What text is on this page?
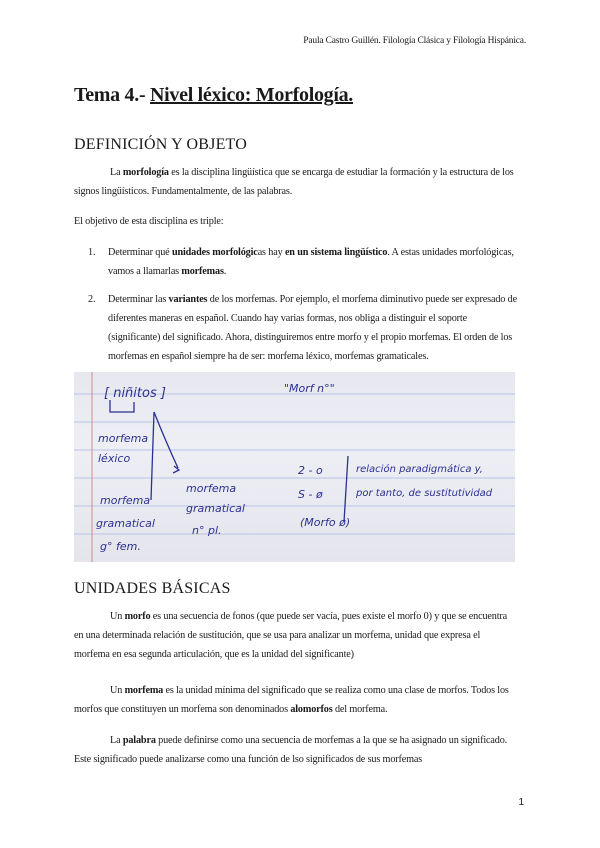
Paula Castro Guillén. Filología Clásica y Filología Hispánica.
Tema 4.- Nivel léxico: Morfología.
DEFINICIÓN Y OBJETO

La morfología es la disciplina lingüística que se encarga de estudiar la formación y la estructura de los signos lingüísticos. Fundamentalmente, de las palabras.

El objetivo de esta disciplina es triple:

1. Determinar qué unidades morfológicas hay en un sistema lingüístico. A estas unidades morfológicas, vamos a llamarlas morfemas.
2. Determinar las variantes de los morfemas. Por ejemplo, el morfema diminutivo puede ser expresado de diferentes maneras en español. Cuando hay varias formas, nos obliga a distinguir el soporte (significante) del significado. Ahora, distinguiremos entre morfo y el propio morfemas. El orden de los morfemas en español siempre ha de ser: morfema léxico, morfemas gramaticales.
[ niñitos ]
morfema
léxico
morfema
gramatical
g° fem.
morfema
gramatical
n° pl.
"Morf n°"
2 - o	relación paradigmática y,
S - ø	por tanto, de sustitutividad
(Morfo ø)
UNIDADES BÁSICAS

Un morfo es una secuencia de fonos (que puede ser vacía, pues existe el morfo 0) y que se encuentra en una determinada relación de sustitución, que se usa para analizar un morfema, unidad que expresa el morfema en esa segunda articulación, que es la unidad del significante)

Un morfema es la unidad mínima del significado que se realiza como una clase de morfos. Todos los morfos que constituyen un morfema son denominados alomorfos del morfema.

La palabra puede definirse como una secuencia de morfemas a la que se ha asignado un significado. Este significado puede analizarse como una función de lso significados de sus morfemas

1
